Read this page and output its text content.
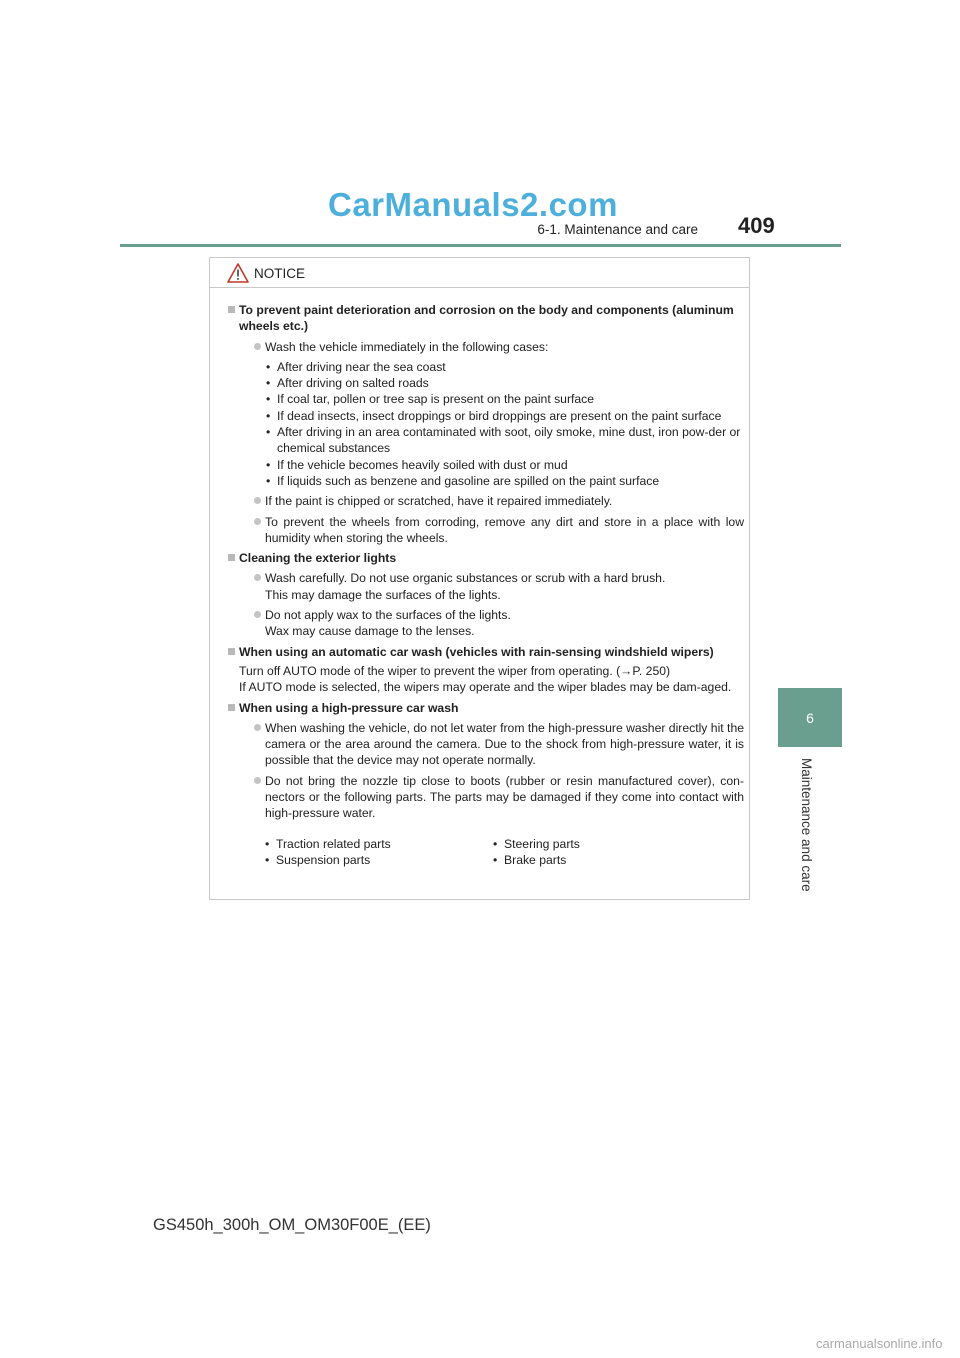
CarManuals2.com
6-1. Maintenance and care 409
6
Maintenance and care
NOTICE
To prevent paint deterioration and corrosion on the body and components (aluminum wheels etc.)
Wash the vehicle immediately in the following cases:
• After driving near the sea coast
• After driving on salted roads
• If coal tar, pollen or tree sap is present on the paint surface
• If dead insects, insect droppings or bird droppings are present on the paint surface
• After driving in an area contaminated with soot, oily smoke, mine dust, iron pow-der or chemical substances
• If the vehicle becomes heavily soiled with dust or mud
• If liquids such as benzene and gasoline are spilled on the paint surface
If the paint is chipped or scratched, have it repaired immediately.
To prevent the wheels from corroding, remove any dirt and store in a place with low humidity when storing the wheels.
Cleaning the exterior lights
Wash carefully. Do not use organic substances or scrub with a hard brush.
This may damage the surfaces of the lights.
Do not apply wax to the surfaces of the lights.
Wax may cause damage to the lenses.
When using an automatic car wash (vehicles with rain-sensing windshield wipers)
Turn off AUTO mode of the wiper to prevent the wiper from operating. (→P. 250)
If AUTO mode is selected, the wipers may operate and the wiper blades may be dam-aged.
When using a high-pressure car wash
When washing the vehicle, do not let water from the high-pressure washer directly hit the camera or the area around the camera. Due to the shock from high-pressure water, it is possible that the device may not operate normally.
Do not bring the nozzle tip close to boots (rubber or resin manufactured cover), con-nectors or the following parts. The parts may be damaged if they come into contact with high-pressure water.
• Traction related parts	• Steering parts
• Suspension parts	• Brake parts
GS450h_300h_OM_OM30F00E_(EE)
carmanualsonline.info
